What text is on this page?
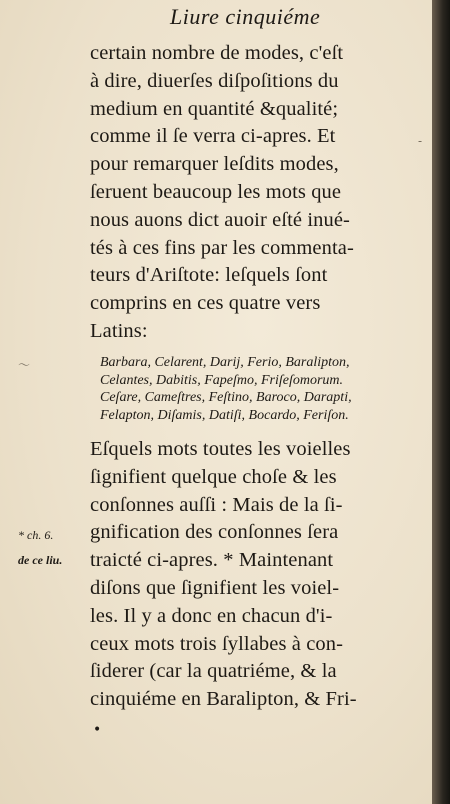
Liure cinquiéme
certain nombre de modes, c'eſt
à dire, diuerſes diſpoſitions du
medium en quantité &qualité;
comme il ſe verra ci-apres. Et
pour remarquer leſdits modes,
ſeruent beaucoup les mots que
nous auons dict auoir eſté inué-
tés à ces fins par les commenta-
teurs d'Ariſtote: leſquels ſont
comprins en ces quatre vers
Latins:
Barbara, Celarent, Darij, Ferio, Baralipton,
Celantes, Dabitis, Fapeſmo, Friſeſomorum.
Ceſare, Cameſtres, Feſtino, Baroco, Darapti,
Felapton, Diſamis, Datiſi, Bocardo, Feriſon.
Eſquels mots toutes les voielles
ſignifient quelque choſe & les
conſonnes auſſi : Mais de la ſi-
gnification des conſonnes ſera
traicté ci-apres. * Maintenant
diſons que ſignifient les voiel-
les. Il y a donc en chacun d'i-
ceux mots trois ſyllabes à con-
ſiderer (car la quatriéme, & la
cinquiéme en Baralipton, & Fri-
* ch. 6.
de ce liu.
〜
-
•
